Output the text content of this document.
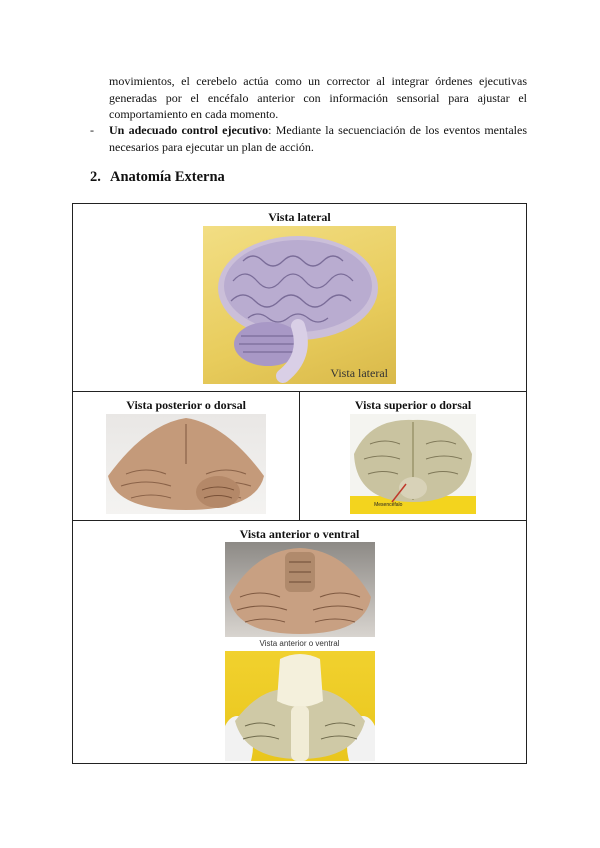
movimientos, el cerebelo actúa como un corrector al integrar órdenes ejecutivas generadas por el encéfalo anterior con información sensorial para ajustar el comportamiento en cada momento.
- Un adecuado control ejecutivo: Mediante la secuenciación de los eventos mentales necesarios para ejecutar un plan de acción.
2. Anatomía Externa
Vista lateral
Vista lateral

Vista posterior o dorsal	Vista superior o dorsal
Mesencéfalo

Vista anterior o ventral
Vista anterior o ventral
